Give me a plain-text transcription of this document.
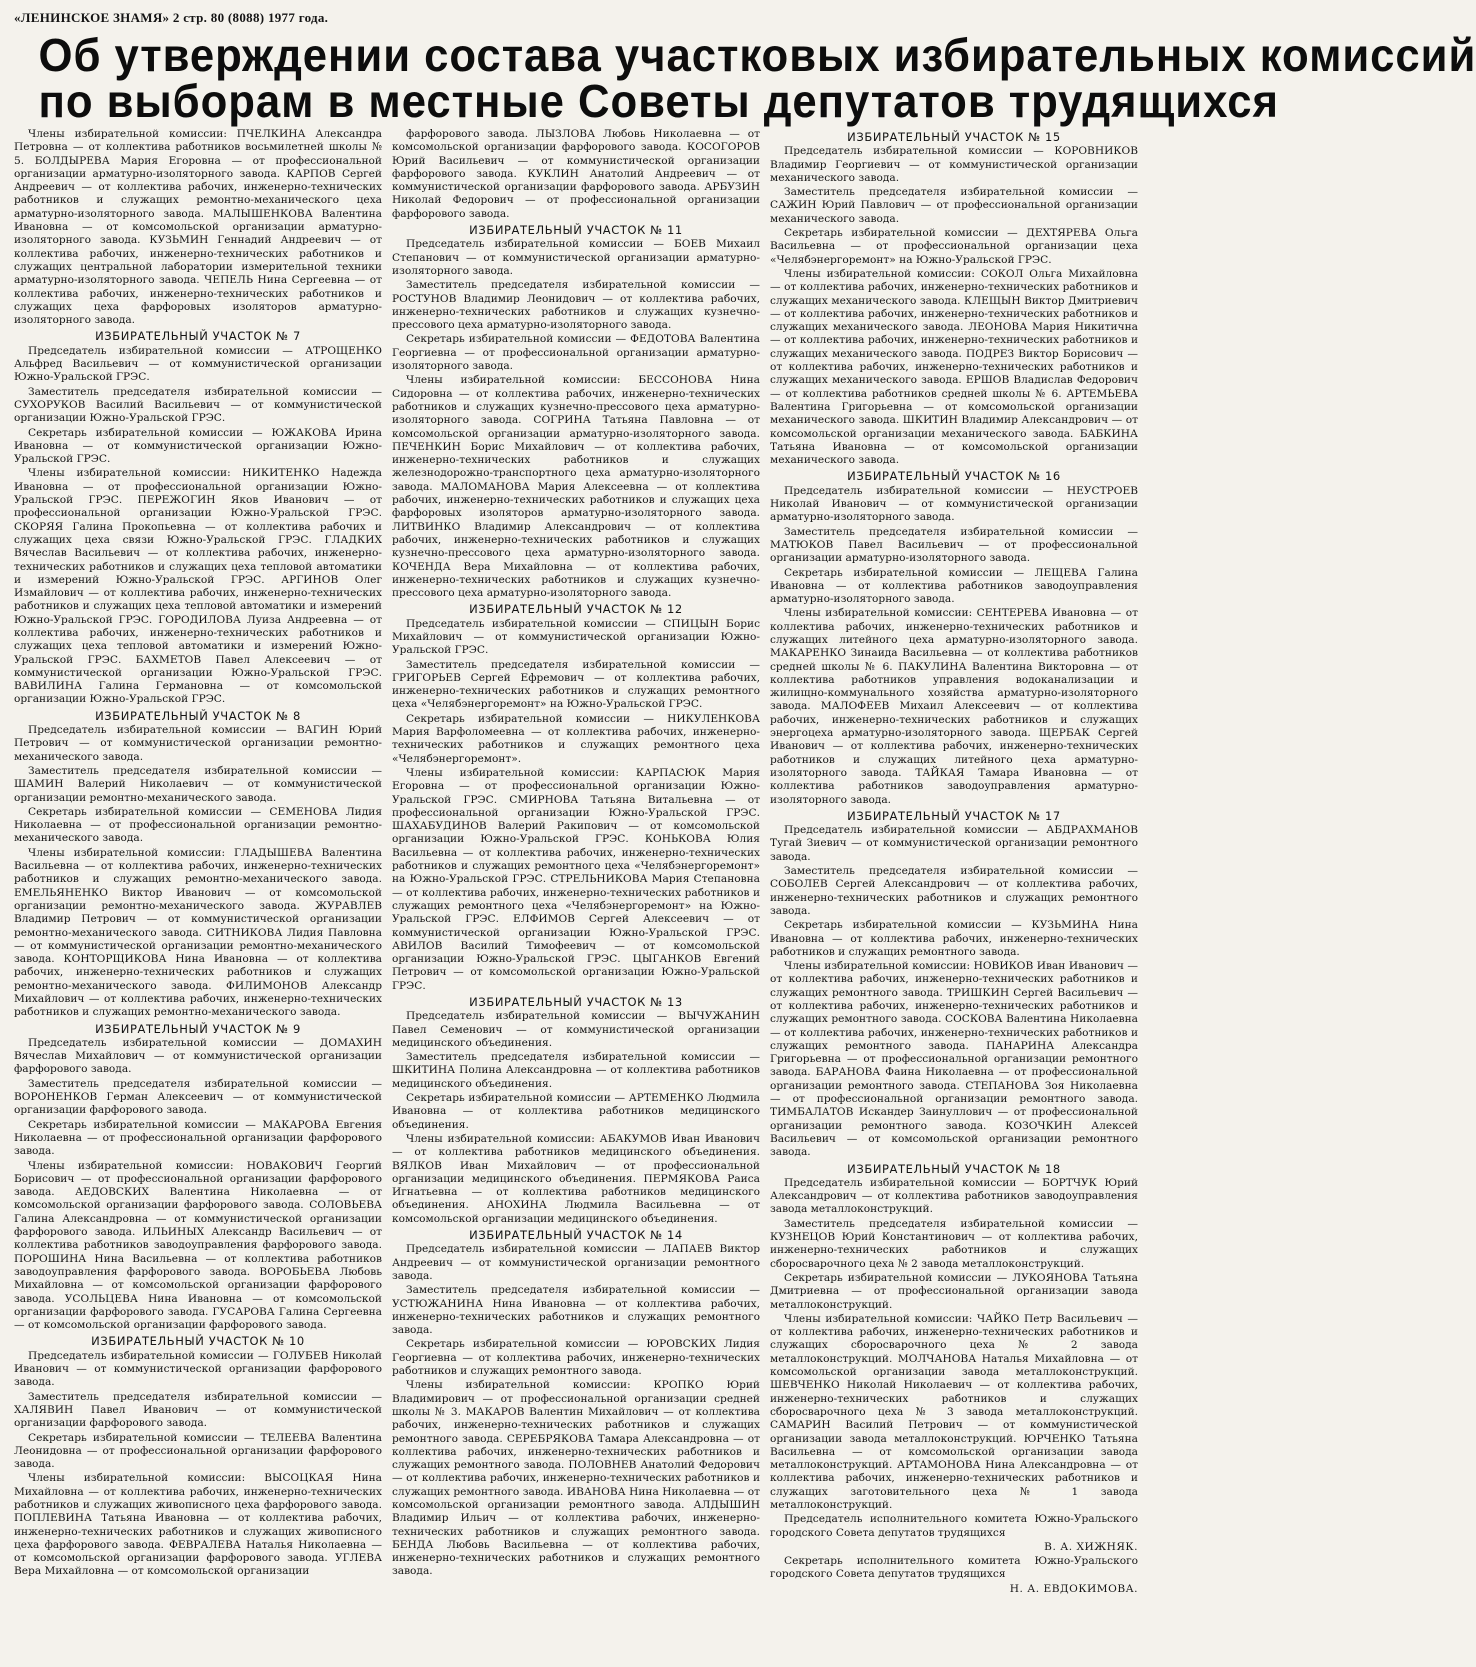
«ЛЕНИНСКОЕ ЗНАМЯ» 2 стр. 80 (8088) 1977 года.
Об утверждении состава участковых избирательных комиссий
по выборам в местные Советы депутатов трудящихся

Члены избирательной комиссии: ПЧЕЛКИНА Александра Петровна — от коллектива работников восьмилетней школы № 5. БОЛДЫРЕВА Мария Егоровна — от профессиональной организации арматурно-изоляторного завода. КАРПОВ Сергей Андреевич — от коллектива рабочих, инженерно-технических работников и служащих ремонтно-механического цеха арматурно-изоляторного завода. МАЛЫШЕНКОВА Валентина Ивановна — от комсомольской организации арматурно-изоляторного завода. КУЗЬМИН Геннадий Андреевич — от коллектива рабочих, инженерно-технических работников и служащих центральной лаборатории измерительной техники арматурно-изоляторного завода. ЧЕПЕЛЬ Нина Сергеевна — от коллектива рабочих, инженерно-технических работников и служащих цеха фарфоровых изоляторов арматурно-изоляторного завода.

ИЗБИРАТЕЛЬНЫЙ УЧАСТОК № 7

Председатель избирательной комиссии — АТРОЩЕНКО Альфред Васильевич — от коммунистической организации Южно-Уральской ГРЭС.

Заместитель председателя избирательной комиссии — СУХОРУКОВ Василий Васильевич — от коммунистической организации Южно-Уральской ГРЭС.

Секретарь избирательной комиссии — ЮЖАКОВА Ирина Ивановна — от коммунистической организации Южно-Уральской ГРЭС.

Члены избирательной комиссии: НИКИТЕНКО Надежда Ивановна — от профессиональной организации Южно-Уральской ГРЭС. ПЕРЕЖОГИН Яков Иванович — от профессиональной организации Южно-Уральской ГРЭС. СКОРЯЯ Галина Прокопьевна — от коллектива рабочих и служащих цеха связи Южно-Уральской ГРЭС. ГЛАДКИХ Вячеслав Васильевич — от коллектива рабочих, инженерно-технических работников и служащих цеха тепловой автоматики и измерений Южно-Уральской ГРЭС. АРГИНОВ Олег Измайлович — от коллектива рабочих, инженерно-технических работников и служащих цеха тепловой автоматики и измерений Южно-Уральской ГРЭС. ГОРОДИЛОВА Луиза Андреевна — от коллектива рабочих, инженерно-технических работников и служащих цеха тепловой автоматики и измерений Южно-Уральской ГРЭС. БАХМЕТОВ Павел Алексеевич — от коммунистической организации Южно-Уральской ГРЭС. ВАВИЛИНА Галина Германовна — от комсомольской организации Южно-Уральской ГРЭС.

ИЗБИРАТЕЛЬНЫЙ УЧАСТОК № 8

Председатель избирательной комиссии — ВАГИН Юрий Петрович — от коммунистической организации ремонтно-механического завода.

Заместитель председателя избирательной комиссии — ШАМИН Валерий Николаевич — от коммунистической организации ремонтно-механического завода.

Секретарь избирательной комиссии — СЕМЕНОВА Лидия Николаевна — от профессиональной организации ремонтно-механического завода.

Члены избирательной комиссии: ГЛАДЫШЕВА Валентина Васильевна — от коллектива рабочих, инженерно-технических работников и служащих ремонтно-механического завода. ЕМЕЛЬЯНЕНКО Виктор Иванович — от комсомольской организации ремонтно-механического завода. ЖУРАВЛЕВ Владимир Петрович — от коммунистической организации ремонтно-механического завода. СИТНИКОВА Лидия Павловна — от коммунистической организации ремонтно-механического завода. КОНТОРЩИКОВА Нина Ивановна — от коллектива рабочих, инженерно-технических работников и служащих ремонтно-механического завода. ФИЛИМОНОВ Александр Михайлович — от коллектива рабочих, инженерно-технических работников и служащих ремонтно-механического завода.

ИЗБИРАТЕЛЬНЫЙ УЧАСТОК № 9

Председатель избирательной комиссии — ДОМАХИН Вячеслав Михайлович — от коммунистической организации фарфорового завода.

Заместитель председателя избирательной комиссии — ВОРОНЕНКОВ Герман Алексеевич — от коммунистической организации фарфорового завода.

Секретарь избирательной комиссии — МАКАРОВА Евгения Николаевна — от профессиональной организации фарфорового завода.

Члены избирательной комиссии: НОВАКОВИЧ Георгий Борисович — от профессиональной организации фарфорового завода. АЕДОВСКИХ Валентина Николаевна — от комсомольской организации фарфорового завода. СОЛОВЬЕВА Галина Александровна — от коммунистической организации фарфорового завода. ИЛЬИНЫХ Александр Васильевич — от коллектива работников заводоуправления фарфорового завода. ПОРОШИНА Нина Васильевна — от коллектива работников заводоуправления фарфорового завода. ВОРОБЬЕВА Любовь Михайловна — от комсомольской организации фарфорового завода. УСОЛЬЦЕВА Нина Ивановна — от комсомольской организации фарфорового завода. ГУСАРОВА Галина Сергеевна — от комсомольской организации фарфорового завода.

ИЗБИРАТЕЛЬНЫЙ УЧАСТОК № 10

Председатель избирательной комиссии — ГОЛУБЕВ Николай Иванович — от коммунистической организации фарфорового завода.

Заместитель председателя избирательной комиссии — ХАЛЯВИН Павел Иванович — от коммунистической организации фарфорового завода.

Секретарь избирательной комиссии — ТЕЛЕЕВА Валентина Леонидовна — от профессиональной организации фарфорового завода.

Члены избирательной комиссии: ВЫСОЦКАЯ Нина Михайловна — от коллектива рабочих, инженерно-технических работников и служащих живописного цеха фарфорового завода. ПОПЛЕВИНА Татьяна Ивановна — от коллектива рабочих, инженерно-технических работников и служащих живописного цеха фарфорового завода. ФЕВРАЛЕВА Наталья Николаевна — от комсомольской организации фарфорового завода. УГЛЕВА Вера Михайловна — от комсомольской организации

фарфорового завода. ЛЫЗЛОВА Любовь Николаевна — от комсомольской организации фарфорового завода. КОСОГОРОВ Юрий Васильевич — от коммунистической организации фарфорового завода. КУКЛИН Анатолий Андреевич — от коммунистической организации фарфорового завода. АРБУЗИН Николай Федорович — от профессиональной организации фарфорового завода.

ИЗБИРАТЕЛЬНЫЙ УЧАСТОК № 11

Председатель избирательной комиссии — БОЕВ Михаил Степанович — от коммунистической организации арматурно-изоляторного завода.

Заместитель председателя избирательной комиссии — РОСТУНОВ Владимир Леонидович — от коллектива рабочих, инженерно-технических работников и служащих кузнечно-прессового цеха арматурно-изоляторного завода.

Секретарь избирательной комиссии — ФЕДОТОВА Валентина Георгиевна — от профессиональной организации арматурно-изоляторного завода.

Члены избирательной комиссии: БЕССОНОВА Нина Сидоровна — от коллектива рабочих, инженерно-технических работников и служащих кузнечно-прессового цеха арматурно-изоляторного завода. СОГРИНА Татьяна Павловна — от комсомольской организации арматурно-изоляторного завода. ПЕЧЕНКИН Борис Михайлович — от коллектива рабочих, инженерно-технических работников и служащих железнодорожно-транспортного цеха арматурно-изоляторного завода. МАЛОМАНОВА Мария Алексеевна — от коллектива рабочих, инженерно-технических работников и служащих цеха фарфоровых изоляторов арматурно-изоляторного завода. ЛИТВИНКО Владимир Александрович — от коллектива рабочих, инженерно-технических работников и служащих кузнечно-прессового цеха арматурно-изоляторного завода. КОЧЕНДА Вера Михайловна — от коллектива рабочих, инженерно-технических работников и служащих кузнечно-прессового цеха арматурно-изоляторного завода.

ИЗБИРАТЕЛЬНЫЙ УЧАСТОК № 12

Председатель избирательной комиссии — СПИЦЫН Борис Михайлович — от коммунистической организации Южно-Уральской ГРЭС.

Заместитель председателя избирательной комиссии — ГРИГОРЬЕВ Сергей Ефремович — от коллектива рабочих, инженерно-технических работников и служащих ремонтного цеха «Челябэнергоремонт» на Южно-Уральской ГРЭС.

Секретарь избирательной комиссии — НИКУЛЕНКОВА Мария Варфоломеевна — от коллектива рабочих, инженерно-технических работников и служащих ремонтного цеха «Челябэнергоремонт».

Члены избирательной комиссии: КАРПАСЮК Мария Егоровна — от профессиональной организации Южно-Уральской ГРЭС. СМИРНОВА Татьяна Витальевна — от профессиональной организации Южно-Уральской ГРЭС. ШАХАБУДИНОВ Валерий Ракипович — от комсомольской организации Южно-Уральской ГРЭС. КОНЬКОВА Юлия Васильевна — от коллектива рабочих, инженерно-технических работников и служащих ремонтного цеха «Челябэнергоремонт» на Южно-Уральской ГРЭС. СТРЕЛЬНИКОВА Мария Степановна — от коллектива рабочих, инженерно-технических работников и служащих ремонтного цеха «Челябэнергоремонт» на Южно-Уральской ГРЭС. ЕЛФИМОВ Сергей Алексеевич — от коммунистической организации Южно-Уральской ГРЭС. АВИЛОВ Василий Тимофеевич — от комсомольской организации Южно-Уральской ГРЭС. ЦЫГАНКОВ Евгений Петрович — от комсомольской организации Южно-Уральской ГРЭС.

ИЗБИРАТЕЛЬНЫЙ УЧАСТОК № 13

Председатель избирательной комиссии — ВЫЧУЖАНИН Павел Семенович — от коммунистической организации медицинского объединения.

Заместитель председателя избирательной комиссии — ШКИТИНА Полина Александровна — от коллектива работников медицинского объединения.

Секретарь избирательной комиссии — АРТЕМЕНКО Людмила Ивановна — от коллектива работников медицинского объединения.

Члены избирательной комиссии: АБАКУМОВ Иван Иванович — от коллектива работников медицинского объединения. ВЯЛКОВ Иван Михайлович — от профессиональной организации медицинского объединения. ПЕРМЯКОВА Раиса Игнатьевна — от коллектива работников медицинского объединения. АНОХИНА Людмила Васильевна — от комсомольской организации медицинского объединения.

ИЗБИРАТЕЛЬНЫЙ УЧАСТОК № 14

Председатель избирательной комиссии — ЛАПАЕВ Виктор Андреевич — от коммунистической организации ремонтного завода.

Заместитель председателя избирательной комиссии — УСТЮЖАНИНА Нина Ивановна — от коллектива рабочих, инженерно-технических работников и служащих ремонтного завода.

Секретарь избирательной комиссии — ЮРОВСКИХ Лидия Георгиевна — от коллектива рабочих, инженерно-технических работников и служащих ремонтного завода.

Члены избирательной комиссии: КРОПКО Юрий Владимирович — от профессиональной организации средней школы № 3. МАКАРОВ Валентин Михайлович — от коллектива рабочих, инженерно-технических работников и служащих ремонтного завода. СЕРЕБРЯКОВА Тамара Александровна — от коллектива рабочих, инженерно-технических работников и служащих ремонтного завода. ПОЛОВНЕВ Анатолий Федорович — от коллектива рабочих, инженерно-технических работников и служащих ремонтного завода. ИВАНОВА Нина Николаевна — от комсомольской организации ремонтного завода. АЛДЫШИН Владимир Ильич — от коллектива рабочих, инженерно-технических работников и служащих ремонтного завода. БЕНДА Любовь Васильевна — от коллектива рабочих, инженерно-технических работников и служащих ремонтного завода.

ИЗБИРАТЕЛЬНЫЙ УЧАСТОК № 15

Председатель избирательной комиссии — КОРОВНИКОВ Владимир Георгиевич — от коммунистической организации механического завода.

Заместитель председателя избирательной комиссии — САЖИН Юрий Павлович — от профессиональной организации механического завода.

Секретарь избирательной комиссии — ДЕХТЯРЕВА Ольга Васильевна — от профессиональной организации цеха «Челябэнергоремонт» на Южно-Уральской ГРЭС.

Члены избирательной комиссии: СОКОЛ Ольга Михайловна — от коллектива рабочих, инженерно-технических работников и служащих механического завода. КЛЕЩЫН Виктор Дмитриевич — от коллектива рабочих, инженерно-технических работников и служащих механического завода. ЛЕОНОВА Мария Никитична — от коллектива рабочих, инженерно-технических работников и служащих механического завода. ПОДРЕЗ Виктор Борисович — от коллектива рабочих, инженерно-технических работников и служащих механического завода. ЕРШОВ Владислав Федорович — от коллектива работников средней школы № 6. АРТЕМЬЕВА Валентина Григорьевна — от комсомольской организации механического завода. ШКИТИН Владимир Александрович — от комсомольской организации механического завода. БАБКИНА Татьяна Ивановна — от комсомольской организации механического завода.

ИЗБИРАТЕЛЬНЫЙ УЧАСТОК № 16

Председатель избирательной комиссии — НЕУСТРОЕВ Николай Иванович — от коммунистической организации арматурно-изоляторного завода.

Заместитель председателя избирательной комиссии — МАТЮКОВ Павел Васильевич — от профессиональной организации арматурно-изоляторного завода.

Секретарь избирательной комиссии — ЛЕЩЕВА Галина Ивановна — от коллектива работников заводоуправления арматурно-изоляторного завода.

Члены избирательной комиссии: СЕНТЕРЕВА Ивановна — от коллектива рабочих, инженерно-технических работников и служащих литейного цеха арматурно-изоляторного завода. МАКАРЕНКО Зинаида Васильевна — от коллектива работников средней школы № 6. ПАКУЛИНА Валентина Викторовна — от коллектива работников управления водоканализации и жилищно-коммунального хозяйства арматурно-изоляторного завода. МАЛОФЕЕВ Михаил Алексеевич — от коллектива рабочих, инженерно-технических работников и служащих энергоцеха арматурно-изоляторного завода. ЩЕРБАК Сергей Иванович — от коллектива рабочих, инженерно-технических работников и служащих литейного цеха арматурно-изоляторного завода. ТАЙКАЯ Тамара Ивановна — от коллектива работников заводоуправления арматурно-изоляторного завода.

ИЗБИРАТЕЛЬНЫЙ УЧАСТОК № 17

Председатель избирательной комиссии — АБДРАХМАНОВ Тугай Зиевич — от коммунистической организации ремонтного завода.

Заместитель председателя избирательной комиссии — СОБОЛЕВ Сергей Александрович — от коллектива рабочих, инженерно-технических работников и служащих ремонтного завода.

Секретарь избирательной комиссии — КУЗЬМИНА Нина Ивановна — от коллектива рабочих, инженерно-технических работников и служащих ремонтного завода.

Члены избирательной комиссии: НОВИКОВ Иван Иванович — от коллектива рабочих, инженерно-технических работников и служащих ремонтного завода. ТРИШКИН Сергей Васильевич — от коллектива рабочих, инженерно-технических работников и служащих ремонтного завода. СОСКОВА Валентина Николаевна — от коллектива рабочих, инженерно-технических работников и служащих ремонтного завода. ПАНАРИНА Александра Григорьевна — от профессиональной организации ремонтного завода. БАРАНОВА Фаина Николаевна — от профессиональной организации ремонтного завода. СТЕПАНОВА Зоя Николаевна — от профессиональной организации ремонтного завода. ТИМБАЛАТОВ Искандер Заинуллович — от профессиональной организации ремонтного завода. КОЗОЧКИН Алексей Васильевич — от комсомольской организации ремонтного завода.

ИЗБИРАТЕЛЬНЫЙ УЧАСТОК № 18

Председатель избирательной комиссии — БОРТЧУК Юрий Александрович — от коллектива работников заводоуправления завода металлоконструкций.

Заместитель председателя избирательной комиссии — КУЗНЕЦОВ Юрий Константинович — от коллектива рабочих, инженерно-технических работников и служащих сборосварочного цеха № 2 завода металлоконструкций.

Секретарь избирательной комиссии — ЛУКОЯНОВА Татьяна Дмитриевна — от профессиональной организации завода металлоконструкций.

Члены избирательной комиссии: ЧАЙКО Петр Васильевич — от коллектива рабочих, инженерно-технических работников и служащих сборосварочного цеха № 2 завода металлоконструкций. МОЛЧАНОВА Наталья Михайловна — от комсомольской организации завода металлоконструкций. ШЕВЧЕНКО Николай Николаевич — от коллектива рабочих, инженерно-технических работников и служащих сборосварочного цеха № 3 завода металлоконструкций. САМАРИН Василий Петрович — от коммунистической организации завода металлоконструкций. ЮРЧЕНКО Татьяна Васильевна — от комсомольской организации завода металлоконструкций. АРТАМОНОВА Нина Александровна — от коллектива рабочих, инженерно-технических работников и служащих заготовительного цеха № 1 завода металлоконструкций.

Председатель исполнительного комитета Южно-Уральского городского Совета депутатов трудящихся

В. А. ХИЖНЯК.

Секретарь исполнительного комитета Южно-Уральского городского Совета депутатов трудящихся

Н. А. ЕВДОКИМОВА.
